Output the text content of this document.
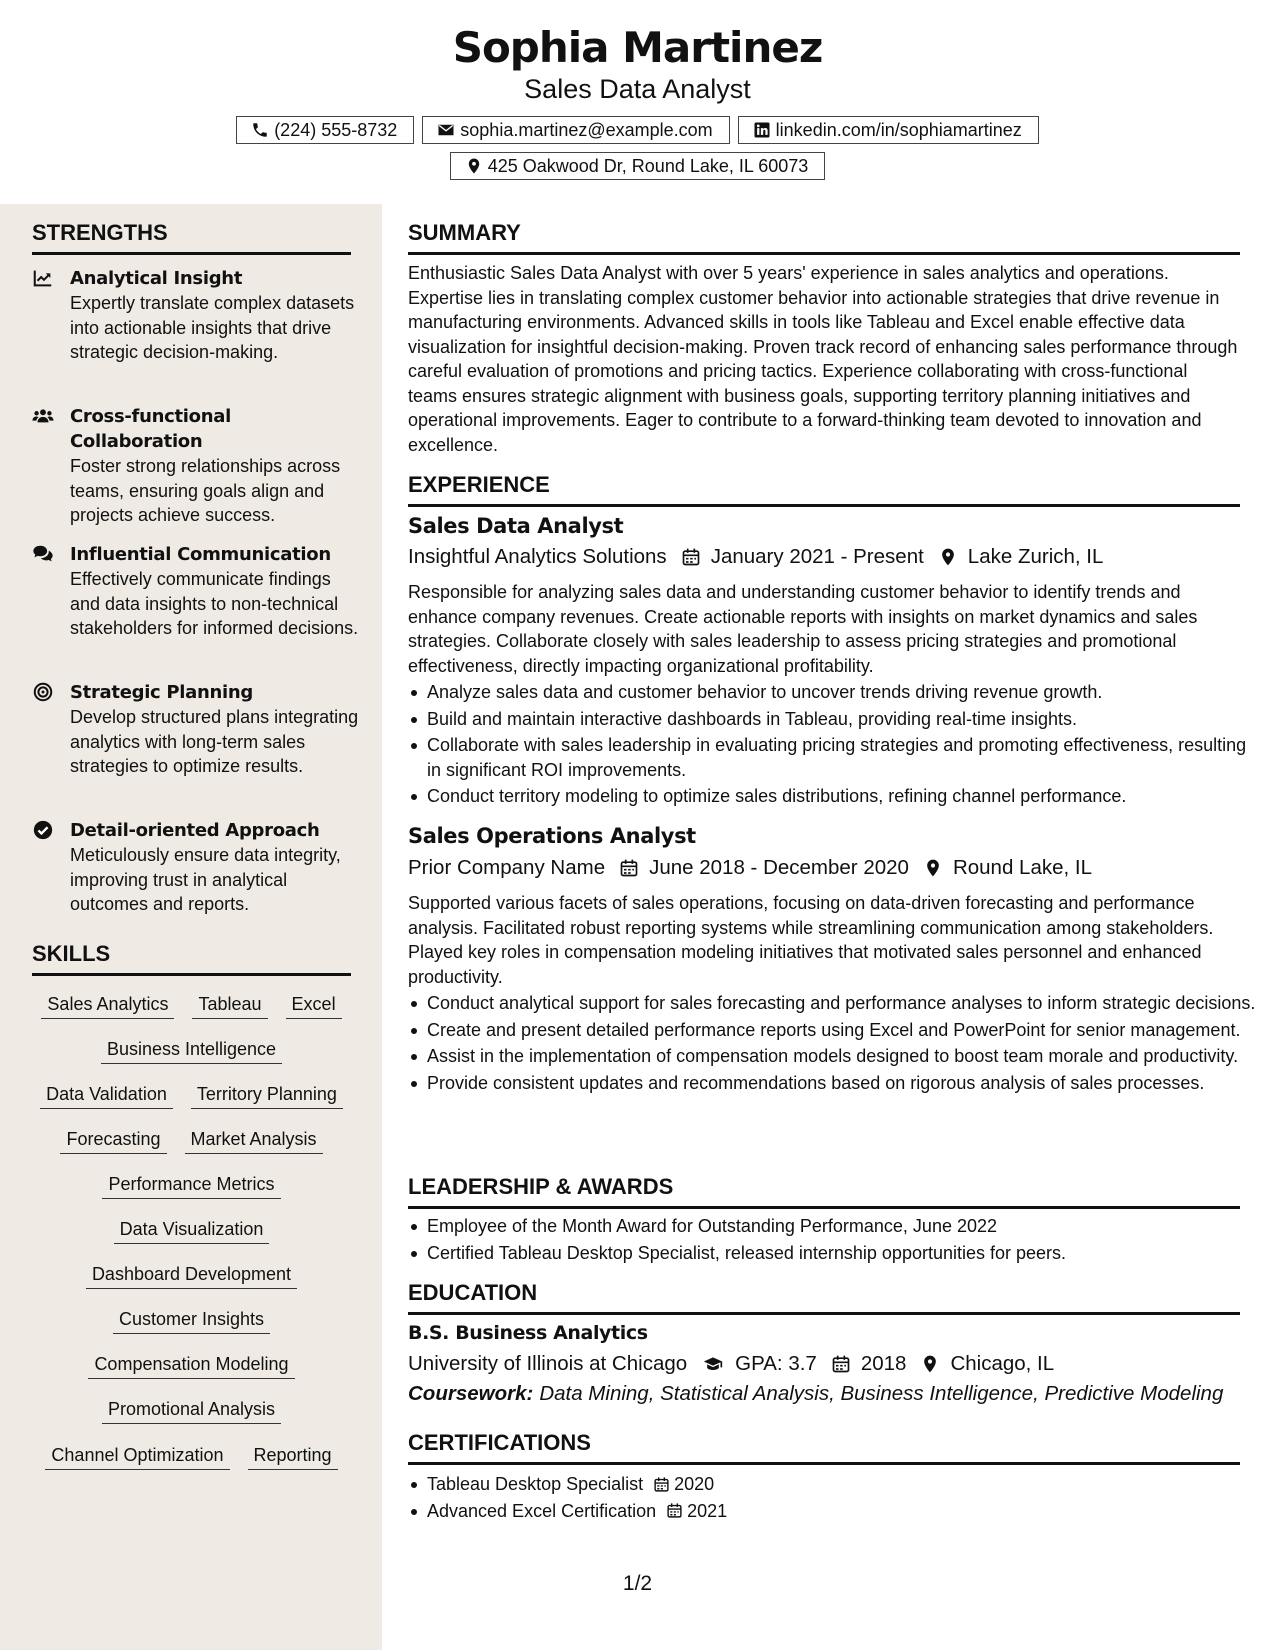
Sophia Martinez
Sales Data Analyst
(224) 555-8732	sophia.martinez@example.com	linkedin.com/in/sophiamartinez
425 Oakwood Dr, Round Lake, IL 60073
STRENGTHS
Analytical Insight
Expertly translate complex datasets into actionable insights that drive strategic decision-making.
Cross-functional Collaboration
Foster strong relationships across teams, ensuring goals align and projects achieve success.
Influential Communication
Effectively communicate findings and data insights to non-technical stakeholders for informed decisions.
Strategic Planning
Develop structured plans integrating analytics with long-term sales strategies to optimize results.
Detail-oriented Approach
Meticulously ensure data integrity, improving trust in analytical outcomes and reports.
SKILLS
Sales Analytics	Tableau	Excel
Business Intelligence
Data Validation	Territory Planning
Forecasting	Market Analysis
Performance Metrics
Data Visualization
Dashboard Development
Customer Insights
Compensation Modeling
Promotional Analysis
Channel Optimization	Reporting
SUMMARY
Enthusiastic Sales Data Analyst with over 5 years' experience in sales analytics and operations. Expertise lies in translating complex customer behavior into actionable strategies that drive revenue in manufacturing environments. Advanced skills in tools like Tableau and Excel enable effective data visualization for insightful decision-making. Proven track record of enhancing sales performance through careful evaluation of promotions and pricing tactics. Experience collaborating with cross-functional teams ensures strategic alignment with business goals, supporting territory planning initiatives and operational improvements. Eager to contribute to a forward-thinking team devoted to innovation and excellence.
EXPERIENCE
Sales Data Analyst
Insightful Analytics Solutions January 2021 - Present Lake Zurich, IL
Responsible for analyzing sales data and understanding customer behavior to identify trends and enhance company revenues. Create actionable reports with insights on market dynamics and sales strategies. Collaborate closely with sales leadership to assess pricing strategies and promotional effectiveness, directly impacting organizational profitability.
Analyze sales data and customer behavior to uncover trends driving revenue growth.
Build and maintain interactive dashboards in Tableau, providing real-time insights.
Collaborate with sales leadership in evaluating pricing strategies and promoting effectiveness, resulting in significant ROI improvements.
Conduct territory modeling to optimize sales distributions, refining channel performance.
Sales Operations Analyst
Prior Company Name June 2018 - December 2020 Round Lake, IL
Supported various facets of sales operations, focusing on data-driven forecasting and performance analysis. Facilitated robust reporting systems while streamlining communication among stakeholders. Played key roles in compensation modeling initiatives that motivated sales personnel and enhanced productivity.
Conduct analytical support for sales forecasting and performance analyses to inform strategic decisions.
Create and present detailed performance reports using Excel and PowerPoint for senior management.
Assist in the implementation of compensation models designed to boost team morale and productivity.
Provide consistent updates and recommendations based on rigorous analysis of sales processes.
LEADERSHIP & AWARDS
Employee of the Month Award for Outstanding Performance, June 2022
Certified Tableau Desktop Specialist, released internship opportunities for peers.
EDUCATION
B.S. Business Analytics
University of Illinois at Chicago GPA: 3.7 2018 Chicago, IL
Coursework: Data Mining, Statistical Analysis, Business Intelligence, Predictive Modeling
CERTIFICATIONS
Tableau Desktop Specialist 2020
Advanced Excel Certification 2021
1/2
